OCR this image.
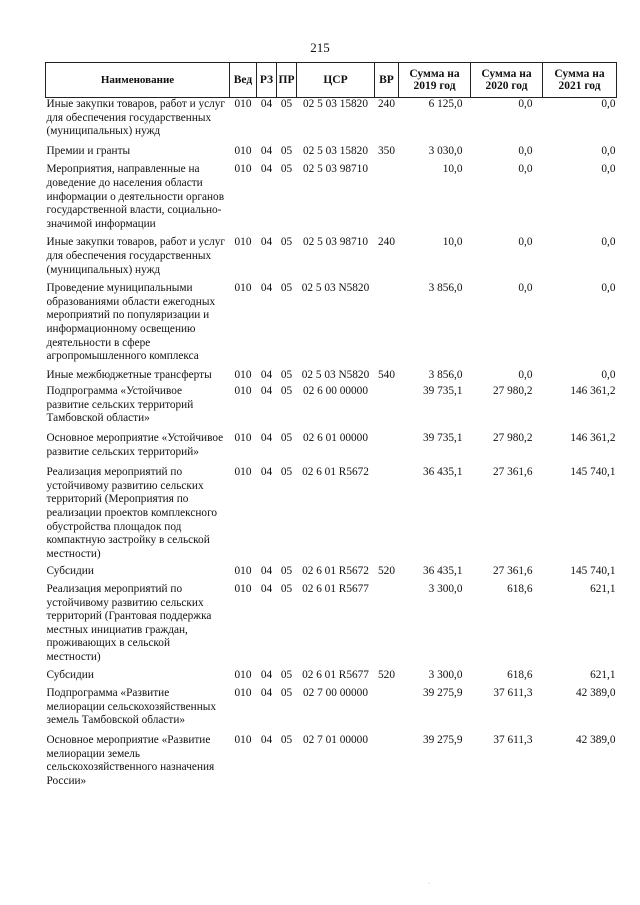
215
Наименование	Вед	РЗ	ПР	ЦСР	ВР	Сумма на 2019 год	Сумма на 2020 год	Сумма на 2021 год
Иные закупки товаров, работ и услуг для обеспечения государственных (муниципальных) нужд	010	04	05	02 5 03 15820	240	6 125,0	0,0	0,0
Премии и гранты	010	04	05	02 5 03 15820	350	3 030,0	0,0	0,0
Мероприятия, направленные на доведение до населения области информации о деятельности органов государственной власти, социально-значимой информации	010	04	05	02 5 03 98710		10,0	0,0	0,0
Иные закупки товаров, работ и услуг для обеспечения государственных (муниципальных) нужд	010	04	05	02 5 03 98710	240	10,0	0,0	0,0
Проведение муниципальными образованиями области ежегодных мероприятий по популяризации и информационному освещению деятельности в сфере агропромышленного комплекса	010	04	05	02 5 03 N5820		3 856,0	0,0	0,0
Иные межбюджетные трансферты	010	04	05	02 5 03 N5820	540	3 856,0	0,0	0,0
Подпрограмма «Устойчивое развитие сельских территорий Тамбовской области»	010	04	05	02 6 00 00000		39 735,1	27 980,2	146 361,2
Основное мероприятие «Устойчивое развитие сельских территорий»	010	04	05	02 6 01 00000		39 735,1	27 980,2	146 361,2
Реализация мероприятий по устойчивому развитию сельских территорий (Мероприятия по реализации проектов комплексного обустройства площадок под компактную застройку в сельской местности)	010	04	05	02 6 01 R5672		36 435,1	27 361,6	145 740,1
Субсидии	010	04	05	02 6 01 R5672	520	36 435,1	27 361,6	145 740,1
Реализация мероприятий по устойчивому развитию сельских территорий (Грантовая поддержка местных инициатив граждан, проживающих в сельской местности)	010	04	05	02 6 01 R5677		3 300,0	618,6	621,1
Субсидии	010	04	05	02 6 01 R5677	520	3 300,0	618,6	621,1
Подпрограмма «Развитие мелиорации сельскохозяйственных земель Тамбовской области»	010	04	05	02 7 00 00000		39 275,9	37 611,3	42 389,0
Основное мероприятие «Развитие мелиорации земель сельскохозяйственного назначения России»	010	04	05	02 7 01 00000		39 275,9	37 611,3	42 389,0
·
